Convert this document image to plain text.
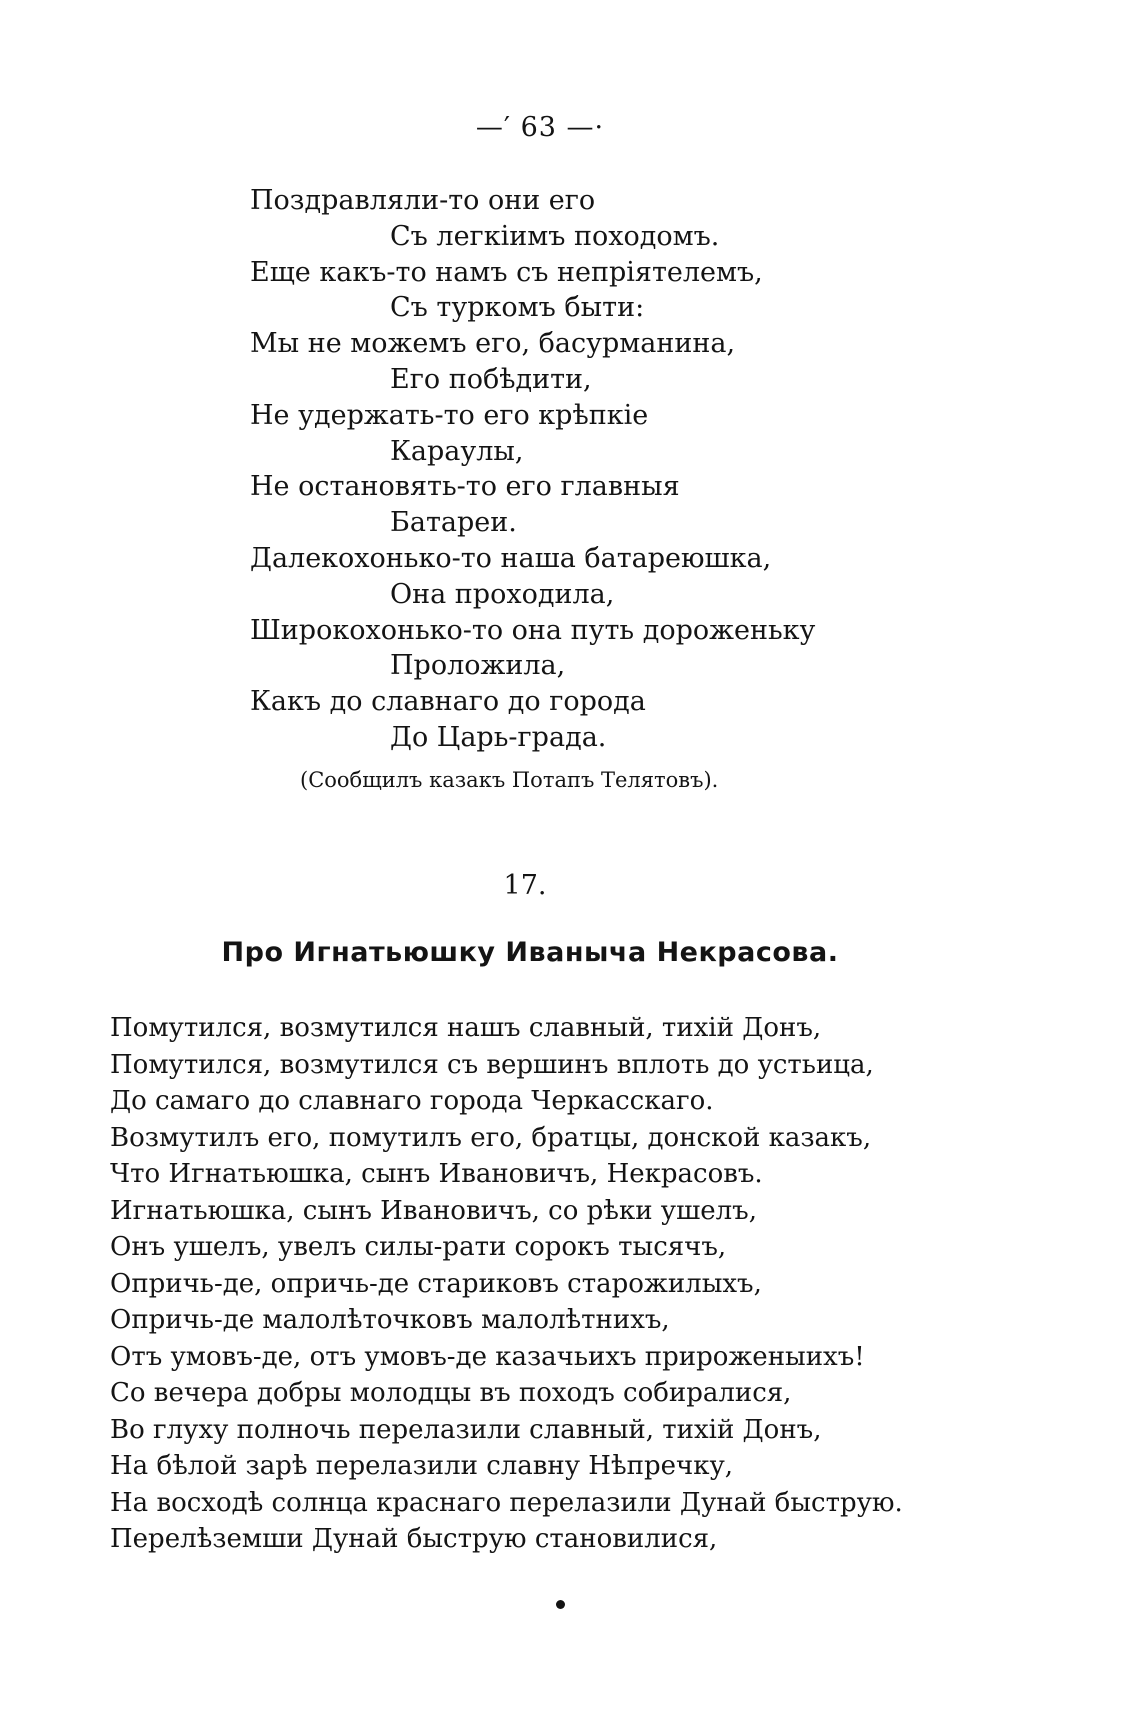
—′ 63 —·
Поздравляли-то они его
Съ легкіимъ походомъ.
Еще какъ-то намъ съ непріятелемъ,
Съ туркомъ быти:
Мы не можемъ его, басурманина,
Его побѣдити,
Не удержать-то его крѣпкіе
Караулы,
Не остановять-то его главныя
Батареи.
Далекохонько-то наша батареюшка,
Она проходила,
Широкохонько-то она путь дороженьку
Проложила,
Какъ до славнаго до города
До Царь-града.
(Сообщилъ казакъ Потапъ Телятовъ).
17.
Про Игнатьюшку Иваныча Некрасова.
Помутился, возмутился нашъ славный, тихій Донъ,
Помутился, возмутился съ вершинъ вплоть до устьица,
До самаго до славнаго города Черкасскаго.
Возмутилъ его, помутилъ его, братцы, донской казакъ,
Что Игнатьюшка, сынъ Ивановичъ, Некрасовъ.
Игнатьюшка, сынъ Ивановичъ, со рѣки ушелъ,
Онъ ушелъ, увелъ силы-рати сорокъ тысячъ,
Опричь-де, опричь-де стариковъ старожилыхъ,
Опричь-де малолѣточковъ малолѣтнихъ,
Отъ умовъ-де, отъ умовъ-де казачьихъ прироженыихъ!
Со вечера добры молодцы въ походъ собиралися,
Во глуху полночь перелазили славный, тихій Донъ,
На бѣлой зарѣ перелазили славну Нѣпречку,
На восходѣ солнца краснаго перелазили Дунай быструю.
Перелѣземши Дунай быструю становилися,
